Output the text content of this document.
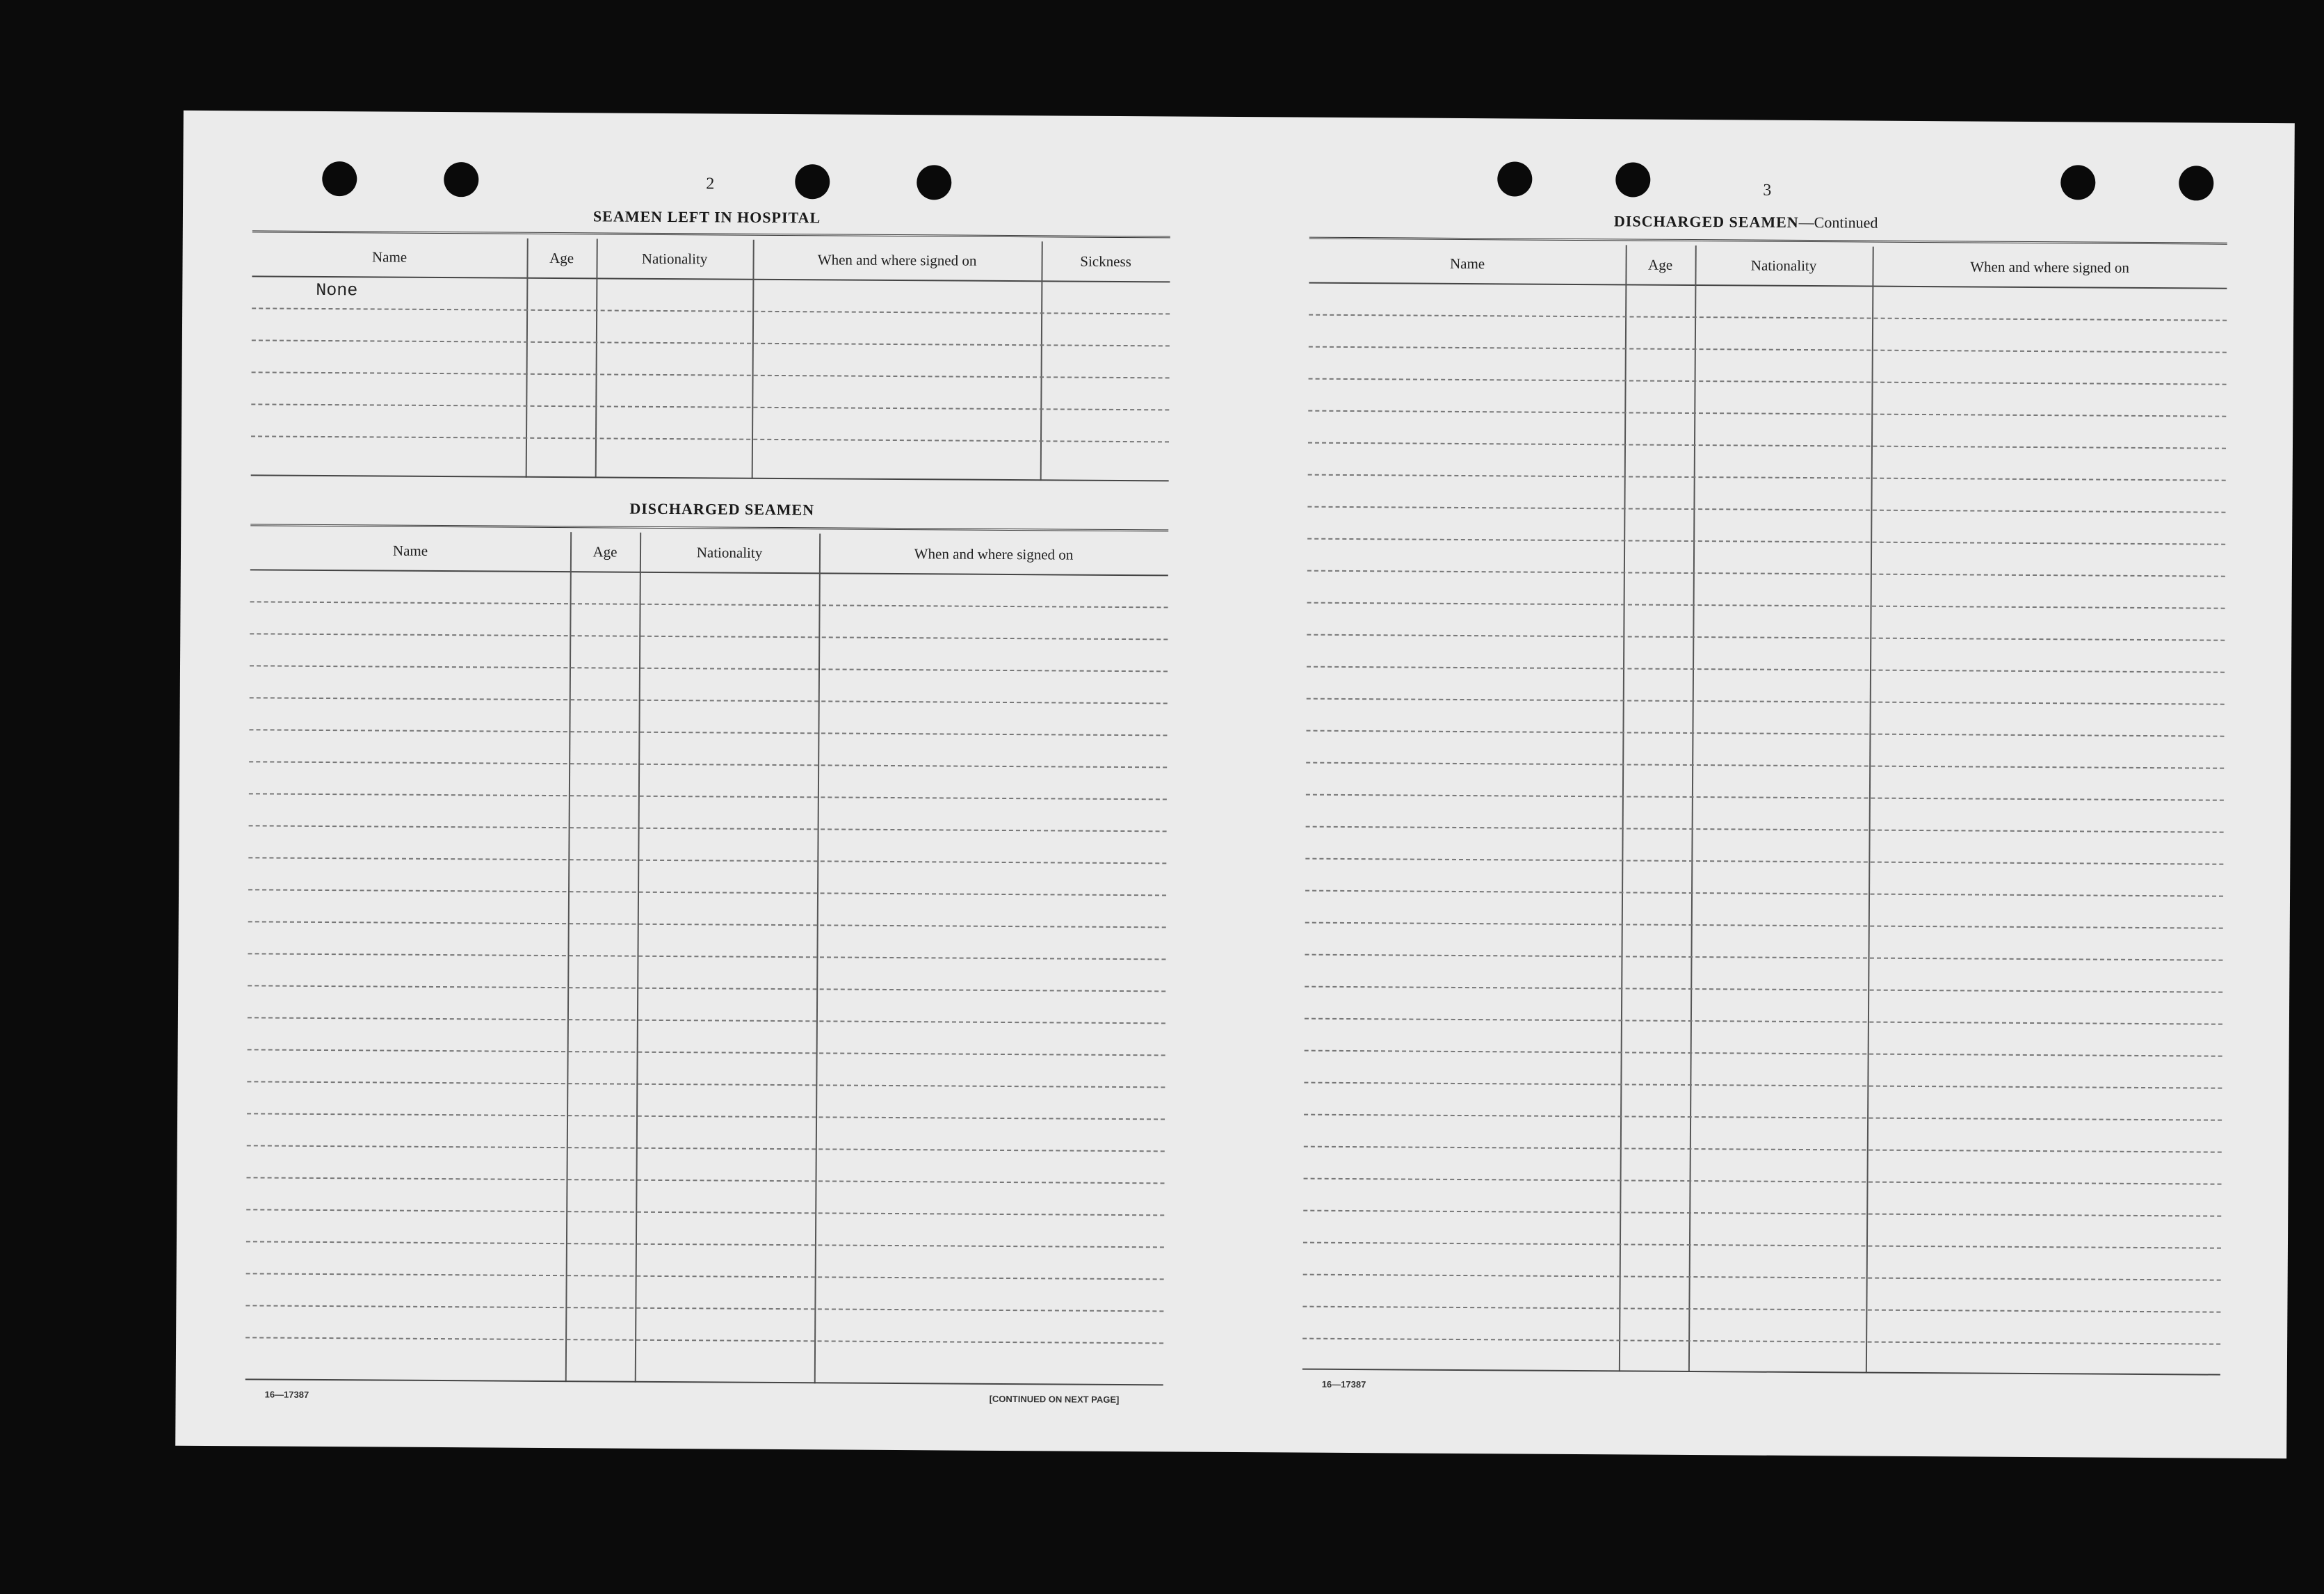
2
SEAMEN LEFT IN HOSPITAL
Name	Age	Nationality	When and where signed on	Sickness
None
DISCHARGED SEAMEN
Name	Age	Nationality	When and where signed on
16—17387	[CONTINUED ON NEXT PAGE]
3
DISCHARGED SEAMEN—Continued
Name	Age	Nationality	When and where signed on
16—17387
